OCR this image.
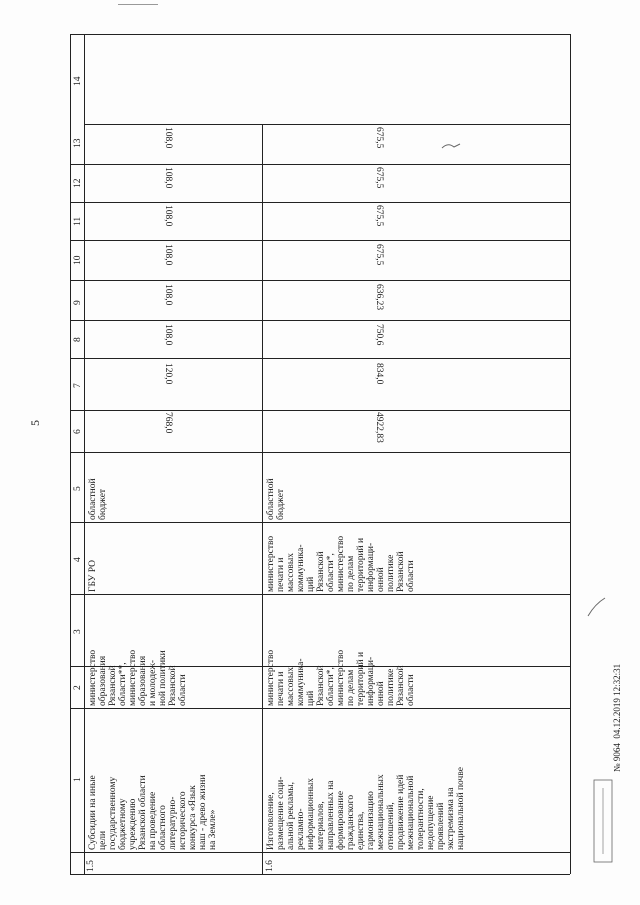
5
14
13
12
11
10
9
8
7
6
5
4
3
2
1
1.5
Субсидии на иные
цели
государственному
бюджетному
учреждению
Рязанской области
на проведение
областного
литературно-
исторического
конкурса «Язык
наш - древо жизни
на Земле»
министерство
образования
Рязанской
области**,
министерство
образования
и молодеж-
ной политики
Рязанской
области
ГБУ РО
областной
бюджет
768,0
120,0
108,0
108,0
108,0
108,0
108,0
108,0
1.6
Изготовление,
размещение соци-
альной рекламы,
рекламно-
информационных
материалов,
направленных на
формирование
гражданского
единства,
гармонизацию
межнациональных
отношений,
продвижение идей
межнациональной
толерантности,
недопущение
проявлений
экстремизма на
национальной почве
министерство
печати и
массовых
коммуника-
ций
Рязанской
области*,
министерство
по делам
территорий и
информаци-
онной
политике
Рязанской
области
министерство
печати и
массовых
коммуника-
ций
Рязанской
области*,
министерство
по делам
территорий и
информаци-
онной
политике
Рязанской
области
областной
бюджет
4922,83
834,0
750,6
636,23
675,5
675,5
675,5
675,5
№ 9064  04.12.2019 12:32:31
